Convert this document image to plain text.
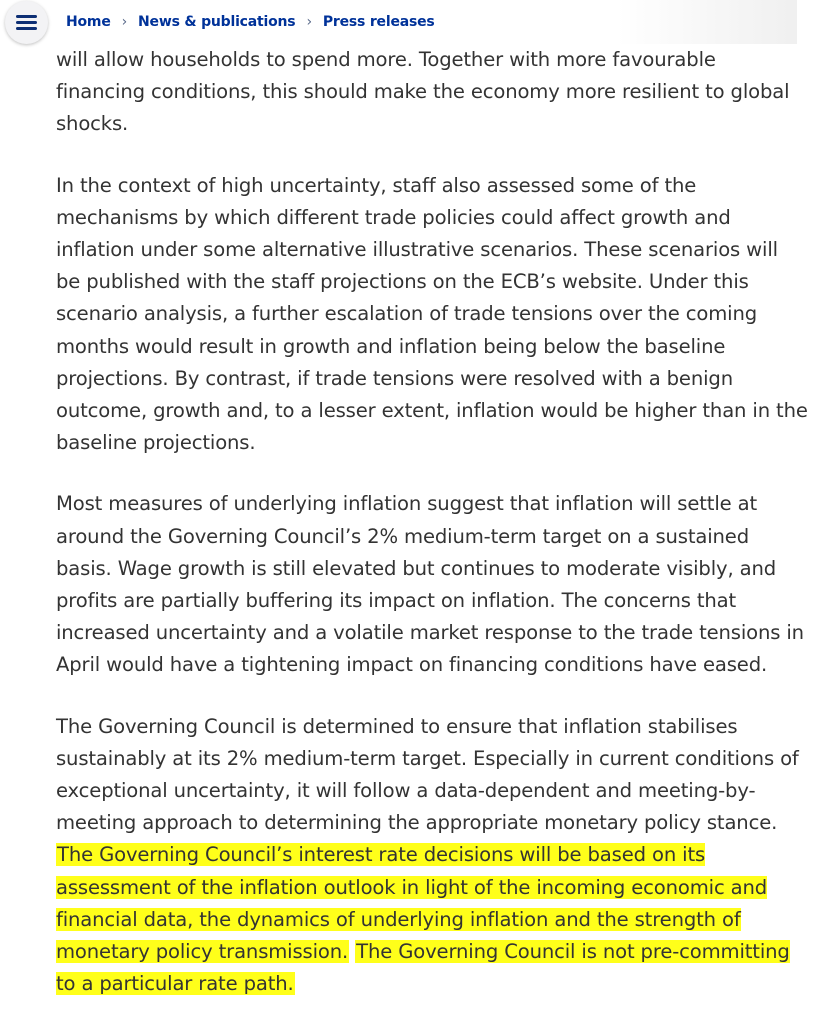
Home › News & publications › Press releases

will allow households to spend more. Together with more favourable financing conditions, this should make the economy more resilient to global shocks.

In the context of high uncertainty, staff also assessed some of the mechanisms by which different trade policies could affect growth and inflation under some alternative illustrative scenarios. These scenarios will be published with the staff projections on the ECB’s website. Under this scenario analysis, a further escalation of trade tensions over the coming months would result in growth and inflation being below the baseline projections. By contrast, if trade tensions were resolved with a benign outcome, growth and, to a lesser extent, inflation would be higher than in the baseline projections.

Most measures of underlying inflation suggest that inflation will settle at around the Governing Council’s 2% medium-term target on a sustained basis. Wage growth is still elevated but continues to moderate visibly, and profits are partially buffering its impact on inflation. The concerns that increased uncertainty and a volatile market response to the trade tensions in April would have a tightening impact on financing conditions have eased.

The Governing Council is determined to ensure that inflation stabilises sustainably at its 2% medium-term target. Especially in current conditions of exceptional uncertainty, it will follow a data-dependent and meeting-by-meeting approach to determining the appropriate monetary policy stance. The Governing Council’s interest rate decisions will be based on its assessment of the inflation outlook in light of the incoming economic and financial data, the dynamics of underlying inflation and the strength of monetary policy transmission. The Governing Council is not pre-committing to a particular rate path.
